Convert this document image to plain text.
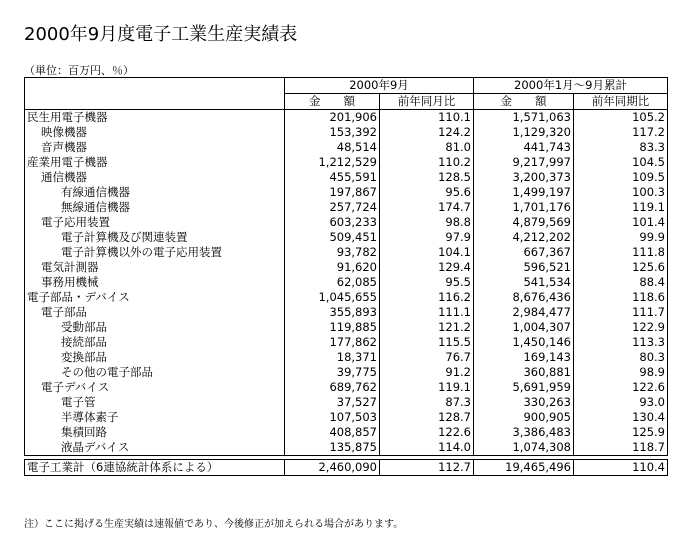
2000年9月度電子工業生産実績表
（単位：百万円、％）
	2000年9月		2000年1月〜9月累計	
	金　　額	前年同月比	金　　額	前年同期比
民生用電子機器	201,906	110.1	1,571,063	105.2
映像機器	153,392	124.2	1,129,320	117.2
音声機器	48,514	81.0	441,743	83.3
産業用電子機器	1,212,529	110.2	9,217,997	104.5
通信機器	455,591	128.5	3,200,373	109.5
有線通信機器	197,867	95.6	1,499,197	100.3
無線通信機器	257,724	174.7	1,701,176	119.1
電子応用装置	603,233	98.8	4,879,569	101.4
電子計算機及び関連装置	509,451	97.9	4,212,202	99.9
電子計算機以外の電子応用装置	93,782	104.1	667,367	111.8
電気計測器	91,620	129.4	596,521	125.6
事務用機械	62,085	95.5	541,534	88.4
電子部品・デバイス	1,045,655	116.2	8,676,436	118.6
電子部品	355,893	111.1	2,984,477	111.7
受動部品	119,885	121.2	1,004,307	122.9
接続部品	177,862	115.5	1,450,146	113.3
変換部品	18,371	76.7	169,143	80.3
その他の電子部品	39,775	91.2	360,881	98.9
電子デバイス	689,762	119.1	5,691,959	122.6
電子管	37,527	87.3	330,263	93.0
半導体素子	107,503	128.7	900,905	130.4
集積回路	408,857	122.6	3,386,483	125.9
液晶デバイス	135,875	114.0	1,074,308	118.7

電子工業計（6連協統計体系による）	2,460,090	112.7	19,465,496	110.4
注）ここに掲げる生産実績は速報値であり、今後修正が加えられる場合があります。
